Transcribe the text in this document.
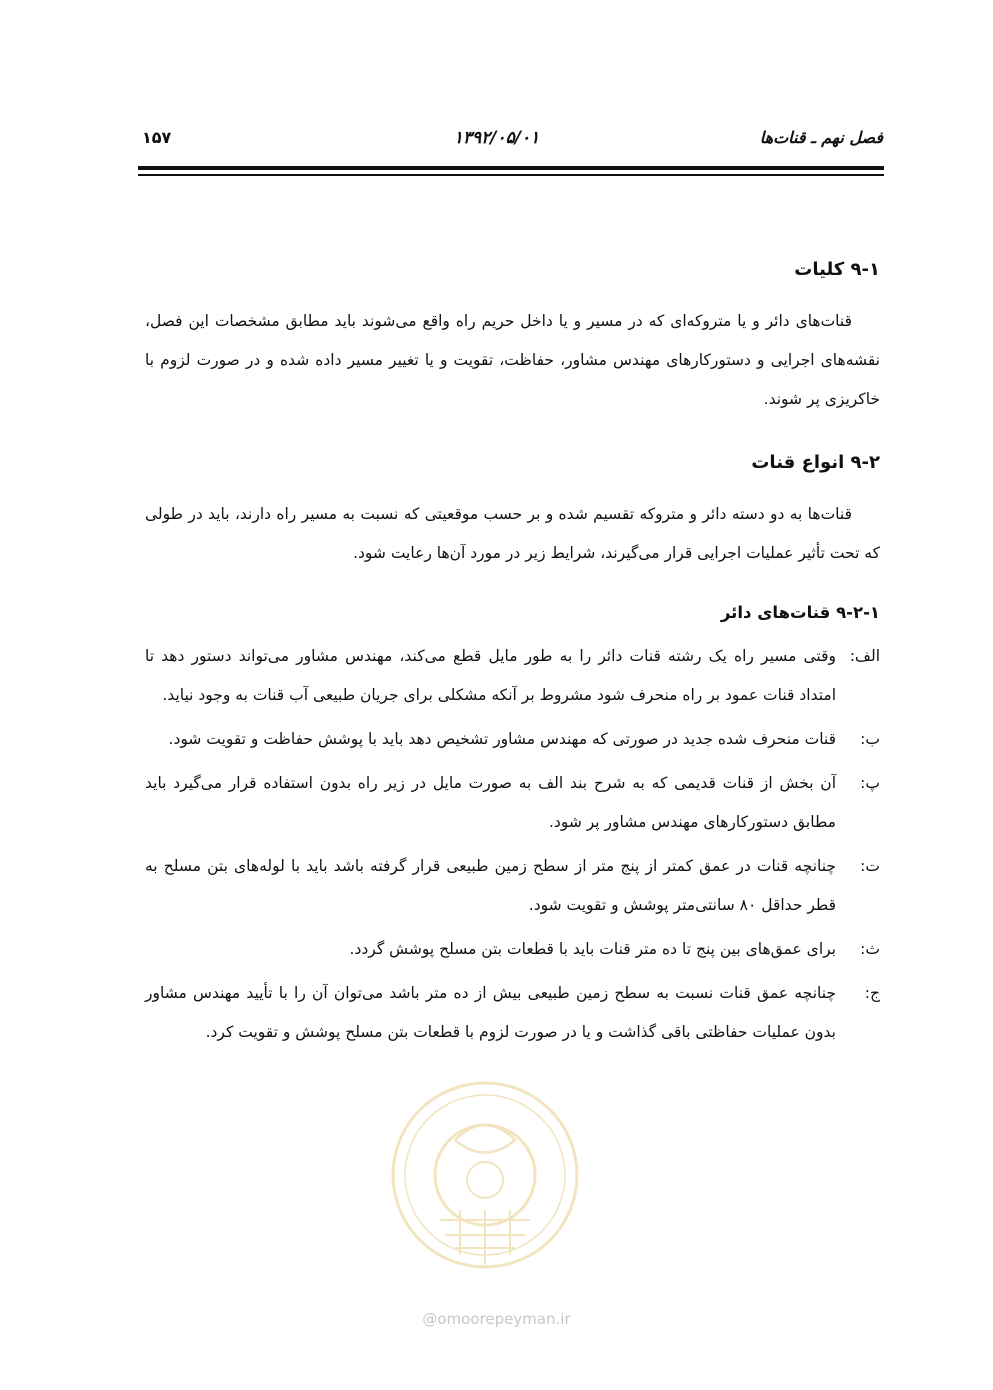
فصل نهم ـ قنات‌ها
۱۳۹۲/۰۵/۰۱
۱۵۷

۹-۱ کلیات

قنات‌های دائر و یا متروکه‌ای که در مسیر و یا داخل حریم راه واقع می‌شوند باید مطابق مشخصات این فصل، نقشه‌های اجرایی و دستورکارهای مهندس مشاور، حفاظت، تقویت و یا تغییر مسیر داده شده و در صورت لزوم با خاکریزی پر شوند.

۹-۲ انواع قنات

قنات‌ها به دو دسته دائر و متروکه تقسیم شده و بر حسب موقعیتی که نسبت به مسیر راه دارند، باید در طولی که تحت تأثیر عملیات اجرایی قرار می‌گیرند، شرایط زیر در مورد آن‌ها رعایت شود.

۹-۲-۱ قنات‌های دائر

الف:
وقتی مسیر راه یک رشته قنات دائر را به طور مایل قطع می‌کند، مهندس مشاور می‌تواند دستور دهد تا امتداد قنات عمود بر راه منحرف شود مشروط بر آنکه مشکلی برای جریان طبیعی آب قنات به وجود نیاید.
ب:
قنات منحرف شده جدید در صورتی که مهندس مشاور تشخیص دهد باید با پوشش حفاظت و تقویت شود.
پ:
آن بخش از قنات قدیمی که به شرح بند الف به صورت مایل در زیر راه بدون استفاده قرار می‌گیرد باید مطابق دستورکارهای مهندس مشاور پر شود.
ت:
چنانچه قنات در عمق کمتر از پنج متر از سطح زمین طبیعی قرار گرفته باشد باید با لوله‌های بتن مسلح به قطر حداقل ۸۰ سانتی‌متر پوشش و تقویت شود.
ث:
برای عمق‌های بین پنج تا ده متر قنات باید با قطعات بتن مسلح پوشش گردد.
ج:
چنانچه عمق قنات نسبت به سطح زمین طبیعی بیش از ده متر باشد می‌توان آن را با تأیید مهندس مشاور بدون عملیات حفاظتی باقی گذاشت و یا در صورت لزوم با قطعات بتن مسلح پوشش و تقویت کرد.
@omoorepeyman.ir
